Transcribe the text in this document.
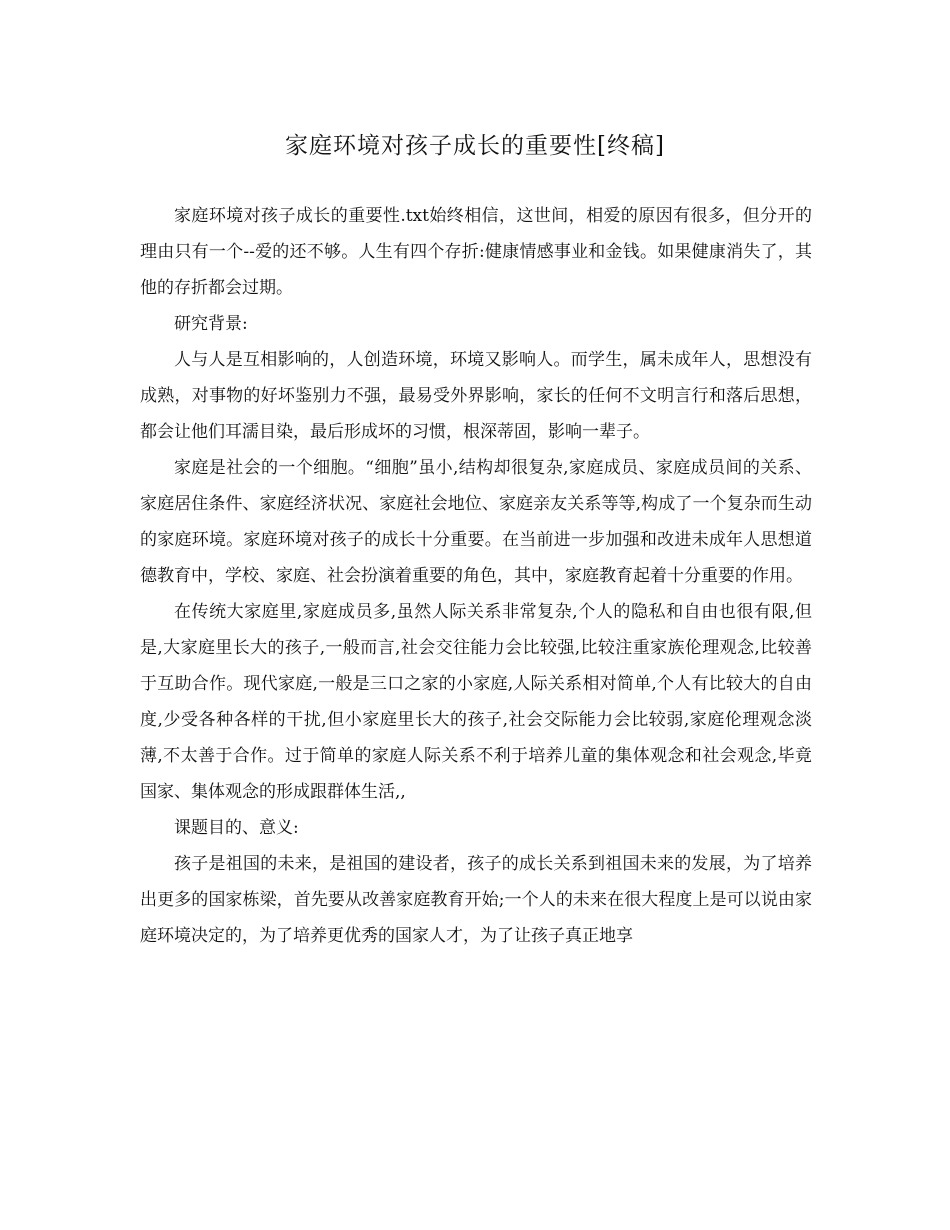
家庭环境对孩子成长的重要性[终稿]

家庭环境对孩子成长的重要性.txt始终相信，这世间，相爱的原因有很多，但分开的理由只有一个--爱的还不够。人生有四个存折:健康情感事业和金钱。如果健康消失了，其他的存折都会过期。

研究背景:

人与人是互相影响的，人创造环境，环境又影响人。而学生，属未成年人，思想没有成熟，对事物的好坏鉴别力不强，最易受外界影响，家长的任何不文明言行和落后思想，都会让他们耳濡目染，最后形成坏的习惯，根深蒂固，影响一辈子。

家庭是社会的一个细胞。“细胞”虽小,结构却很复杂,家庭成员、家庭成员间的关系、家庭居住条件、家庭经济状况、家庭社会地位、家庭亲友关系等等,构成了一个复杂而生动的家庭环境。家庭环境对孩子的成长十分重要。在当前进一步加强和改进未成年人思想道德教育中，学校、家庭、社会扮演着重要的角色，其中，家庭教育起着十分重要的作用。

在传统大家庭里,家庭成员多,虽然人际关系非常复杂,个人的隐私和自由也很有限,但是,大家庭里长大的孩子,一般而言,社会交往能力会比较强,比较注重家族伦理观念,比较善于互助合作。现代家庭,一般是三口之家的小家庭,人际关系相对简单,个人有比较大的自由度,少受各种各样的干扰,但小家庭里长大的孩子,社会交际能力会比较弱,家庭伦理观念淡薄,不太善于合作。过于简单的家庭人际关系不利于培养儿童的集体观念和社会观念,毕竟国家、集体观念的形成跟群体生活,,

课题目的、意义:

孩子是祖国的未来，是祖国的建设者，孩子的成长关系到祖国未来的发展，为了培养出更多的国家栋梁，首先要从改善家庭教育开始;一个人的未来在很大程度上是可以说由家庭环境决定的，为了培养更优秀的国家人才，为了让孩子真正地享
